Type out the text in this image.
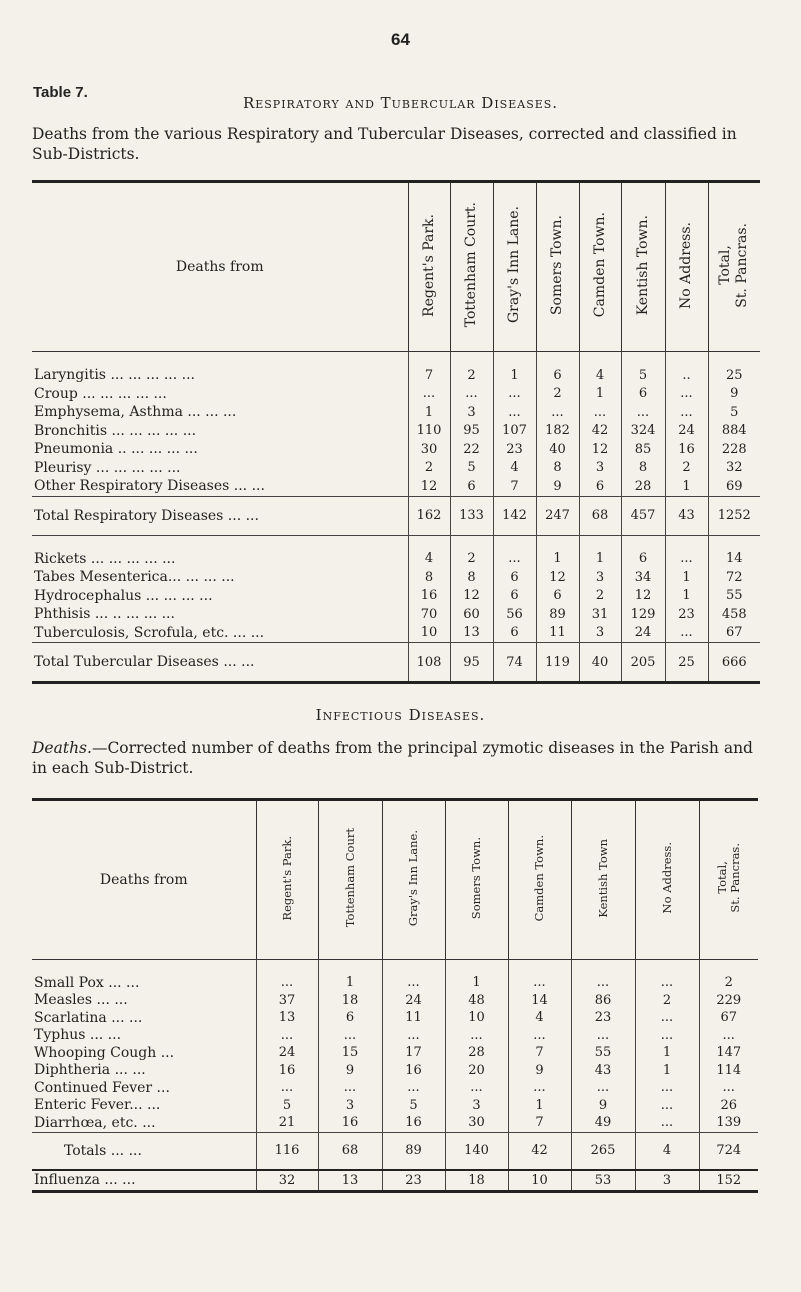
64
Table 7.
Respiratory and Tubercular Diseases.
Deaths from the various Respiratory and Tubercular Diseases, corrected and classified in Sub-Districts.
Deaths from	Regent's Park.	Tottenham Court.	Gray's Inn Lane.	Somers Town.	Camden Town.	Kentish Town.	No Address.	Total,
St. Pancras.

Laryngitis ... ... ... ... ...	7	2	1	6	4	5	..	25
Croup ... ... ... ... ...	...	...	...	2	1	6	...	9
Emphysema, Asthma ... ... ...	1	3	...	...	...	...	...	5
Bronchitis ... ... ... ... ...	110	95	107	182	42	324	24	884
Pneumonia .. ... ... ... ...	30	22	23	40	12	85	16	228
Pleurisy ... ... ... ... ...	2	5	4	8	3	8	2	32
Other Respiratory Diseases ... ...	12	6	7	9	6	28	1	69
Total Respiratory Diseases ... ...	162	133	142	247	68	457	43	1252

Rickets ... ... ... ... ...	4	2	...	1	1	6	...	14
Tabes Mesenterica... ... ... ...	8	8	6	12	3	34	1	72
Hydrocephalus ... ... ... ...	16	12	6	6	2	12	1	55
Phthisis ... .. ... ... ...	70	60	56	89	31	129	23	458
Tuberculosis, Scrofula, etc. ... ...	10	13	6	11	3	24	...	67
Total Tubercular Diseases ... ...	108	95	74	119	40	205	25	666
Infectious Diseases.
Deaths.—Corrected number of deaths from the principal zymotic diseases in the Parish and in each Sub-District.
Deaths from	Regent's Park.	Tottenham Court	Gray's Inn Lane.	Somers Town.	Camden Town.	Kentish Town	No Address.	Total,
St. Pancras.

Small Pox ... ...	...	1	...	1	...	...	...	2
Measles ... ...	37	18	24	48	14	86	2	229
Scarlatina ... ...	13	6	11	10	4	23	...	67
Typhus ... ...	...	...	...	...	...	...	...	...
Whooping Cough ...	24	15	17	28	7	55	1	147
Diphtheria ... ...	16	9	16	20	9	43	1	114
Continued Fever ...	...	...	...	...	...	...	...	...
Enteric Fever... ...	5	3	5	3	1	9	...	26
Diarrhœa, etc. ...	21	16	16	30	7	49	...	139
Totals ... ...	116	68	89	140	42	265	4	724
Influenza ... ...	32	13	23	18	10	53	3	152
